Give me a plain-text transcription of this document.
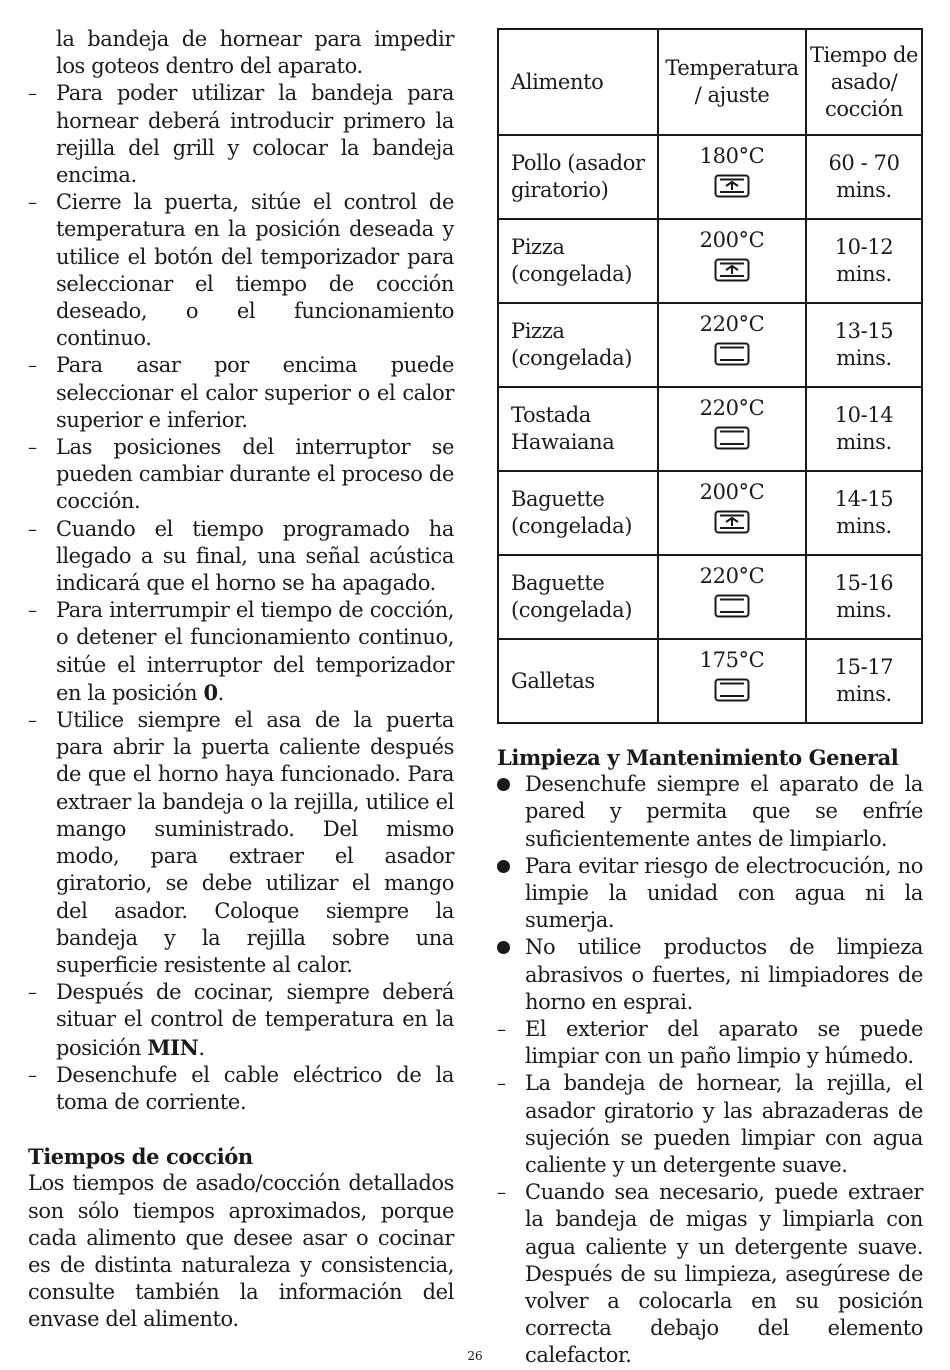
la bandeja de hornear para impedir los goteos dentro del aparato.
– Para poder utilizar la bandeja para hornear deberá introducir primero la rejilla del grill y colocar la bandeja encima.
– Cierre la puerta, sitúe el control de temperatura en la posición deseada y utilice el botón del temporizador para seleccionar el tiempo de cocción deseado, o el funcionamiento continuo.
– Para asar por encima puede seleccionar el calor superior o el calor superior e inferior.
– Las posiciones del interruptor se pueden cambiar durante el proceso de cocción.
– Cuando el tiempo programado ha llegado a su final, una señal acústica indicará que el horno se ha apagado.
– Para interrumpir el tiempo de cocción, o detener el funcionamiento continuo, sitúe el interruptor del temporizador en la posición 0.
– Utilice siempre el asa de la puerta para abrir la puerta caliente después de que el horno haya funcionado. Para extraer la bandeja o la rejilla, utilice el mango suministrado. Del mismo modo, para extraer el asador giratorio, se debe utilizar el mango del asador. Coloque siempre la bandeja y la rejilla sobre una superficie resistente al calor.
– Después de cocinar, siempre deberá situar el control de temperatura en la posición MIN.
– Desenchufe el cable eléctrico de la toma de corriente.
Tiempos de cocción
Los tiempos de asado/cocción detallados son sólo tiempos aproximados, porque cada alimento que desee asar o cocinar es de distinta naturaleza y consistencia, consulte también la información del envase del alimento.
Alimento	Temperatura / ajuste	Tiempo de asado/ cocción
Pollo (asador giratorio)	180°C	60 - 70 mins.
Pizza (congelada)	200°C	10-12 mins.
Pizza (congelada)	220°C	13-15 mins.
Tostada Hawaiana	220°C	10-14 mins.
Baguette (congelada)	200°C	14-15 mins.
Baguette (congelada)	220°C	15-16 mins.
Galletas	175°C	15-17 mins.
Limpieza y Mantenimiento General
Desenchufe siempre el aparato de la pared y permita que se enfríe suficientemente antes de limpiarlo.
Para evitar riesgo de electrocución, no limpie la unidad con agua ni la sumerja.
No utilice productos de limpieza abrasivos o fuertes, ni limpiadores de horno en esprai.
– El exterior del aparato se puede limpiar con un paño limpio y húmedo.
– La bandeja de hornear, la rejilla, el asador giratorio y las abrazaderas de sujeción se pueden limpiar con agua caliente y un detergente suave.
– Cuando sea necesario, puede extraer la bandeja de migas y limpiarla con agua caliente y un detergente suave. Después de su limpieza, asegúrese de volver a colocarla en su posición correcta debajo del elemento calefactor.
26
